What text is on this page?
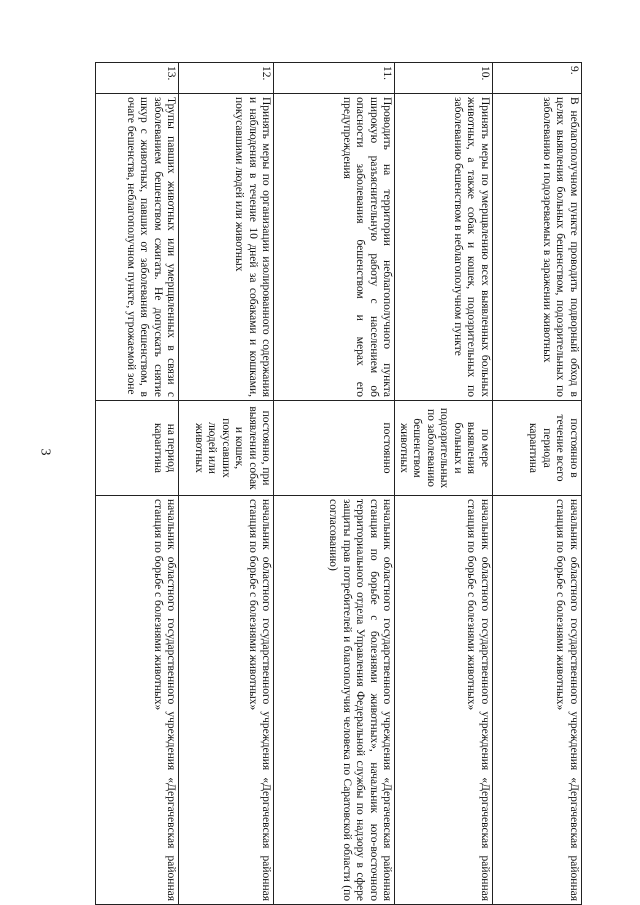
3
9.	В неблагополучном пункте проводить подворный обход в целях выявления больных бешенством, подозрительных по заболеванию и подозреваемых в заражении животных	постоянно в течение всего периода карантина	начальник областного государственного учреждения «Дергачевская районная станция по борьбе с болезнями животных»
10.	Принять меры по умерщвлению всех выявленных больных животных, а также собак и кошек, подозрительных по заболеванию бешенством в неблагополучном пункте	по мере выявления больных и подозрительных по заболеванию бешенством животных	начальник областного государственного учреждения «Дергачевская районная станция по борьбе с болезнями животных»
11.	Проводить на территории неблагополучного пункта широкую разъяснительную работу с населением об опасности заболевания бешенством и мерах его предупреждения	постоянно	начальник областного государственного учреждения «Дергачевская районная станция по борьбе с болезнями животных», начальник юго-восточного территориального отдела Управления Федеральной службы по надзору в сфере защиты прав потребителей и благополучия человека по Саратовской области (по согласованию)
12.	Принять меры по организации изолированного содержания и наблюдения в течение 10 дней за собаками и кошками, покусавшими людей или животных	постоянно, при выявлении собак и кошек, покусавших людей или животных	начальник областного государственного учреждения «Дергачевская районная станция по борьбе с болезнями животных»
13.	Трупы павших животных или умерщвленных в связи с заболеванием бешенством сжигать. Не допускать снятие шкур с животных, павших от заболевания бешенством, в очаге бешенства, неблагополучном пункте, угрожаемой зоне	на период карантина	начальник областного государственного учреждения «Дергачевская районная станция по борьбе с болезнями животных»
